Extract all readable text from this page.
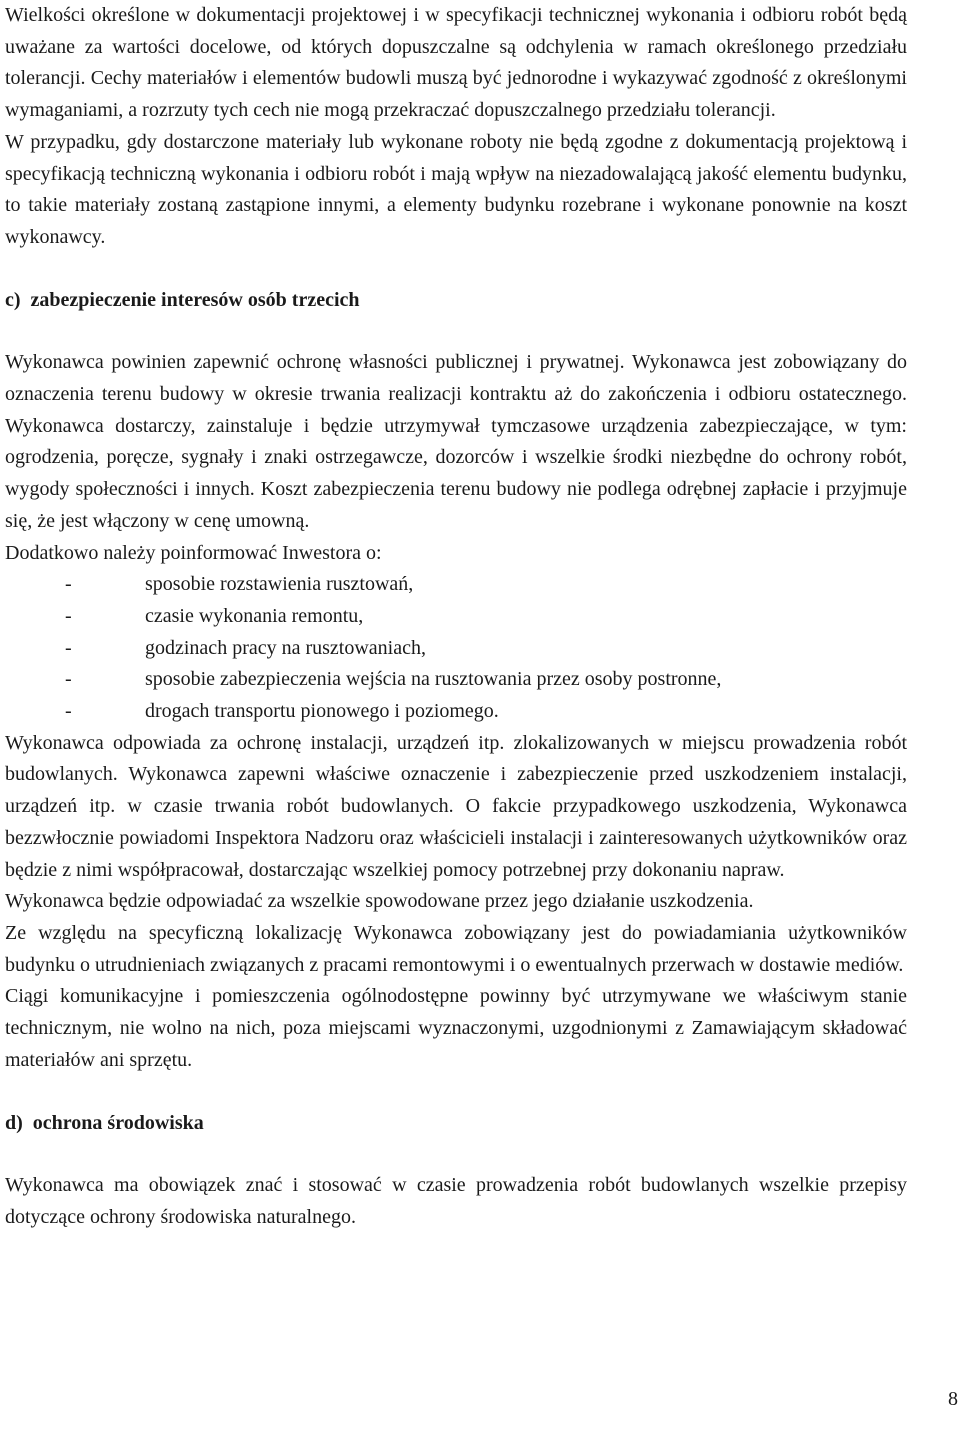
Wielkości określone w dokumentacji projektowej i w specyfikacji technicznej wykonania i odbioru robót będą uważane za wartości docelowe, od których dopuszczalne są odchylenia w ramach określonego przedziału tolerancji. Cechy materiałów i elementów budowli muszą być jednorodne i wykazywać zgodność z określonymi wymaganiami, a rozrzuty tych cech nie mogą przekraczać dopuszczalnego przedziału tolerancji.

W przypadku, gdy dostarczone materiały lub wykonane roboty nie będą zgodne z dokumentacją projektową i specyfikacją techniczną wykonania i odbioru robót i mają wpływ na niezadowalającą jakość elementu budynku, to takie materiały zostaną zastąpione innymi, a elementy budynku rozebrane i wykonane ponownie na koszt wykonawcy.

c)  zabezpieczenie interesów osób trzecich

Wykonawca powinien zapewnić ochronę własności publicznej i prywatnej. Wykonawca jest zobowiązany do oznaczenia terenu budowy w okresie trwania realizacji kontraktu aż do zakończenia i odbioru ostatecznego. Wykonawca dostarczy, zainstaluje i będzie utrzymywał tymczasowe urządzenia zabezpieczające, w tym: ogrodzenia, poręcze, sygnały i znaki ostrzegawcze, dozorców i wszelkie środki niezbędne do ochrony robót, wygody społeczności i innych. Koszt zabezpieczenia terenu budowy nie podlega odrębnej zapłacie i przyjmuje się, że jest włączony w cenę umowną.

Dodatkowo należy poinformować Inwestora o:

-	sposobie rozstawienia rusztowań,
-	czasie wykonania remontu,
-	godzinach pracy na rusztowaniach,
-	sposobie zabezpieczenia wejścia na rusztowania przez osoby postronne,
-	drogach transportu pionowego i poziomego.

Wykonawca odpowiada za ochronę instalacji, urządzeń itp. zlokalizowanych w miejscu prowadzenia robót budowlanych. Wykonawca zapewni właściwe oznaczenie i zabezpieczenie przed uszkodzeniem instalacji, urządzeń itp. w czasie trwania robót budowlanych. O fakcie przypadkowego uszkodzenia, Wykonawca bezzwłocznie powiadomi Inspektora Nadzoru oraz właścicieli instalacji i zainteresowanych użytkowników oraz będzie z nimi współpracował, dostarczając wszelkiej pomocy potrzebnej przy dokonaniu napraw.

Wykonawca będzie odpowiadać za wszelkie spowodowane przez jego działanie uszkodzenia.

Ze względu na specyficzną lokalizację Wykonawca zobowiązany jest do powiadamiania użytkowników budynku o utrudnieniach związanych z pracami remontowymi i o ewentualnych przerwach w dostawie mediów.

Ciągi komunikacyjne i pomieszczenia ogólnodostępne powinny być utrzymywane we właściwym stanie technicznym, nie wolno na nich, poza miejscami wyznaczonymi, uzgodnionymi z Zamawiającym składować materiałów ani sprzętu.

d)  ochrona środowiska

Wykonawca ma obowiązek znać i stosować w czasie prowadzenia robót budowlanych wszelkie przepisy dotyczące ochrony środowiska naturalnego.

8
